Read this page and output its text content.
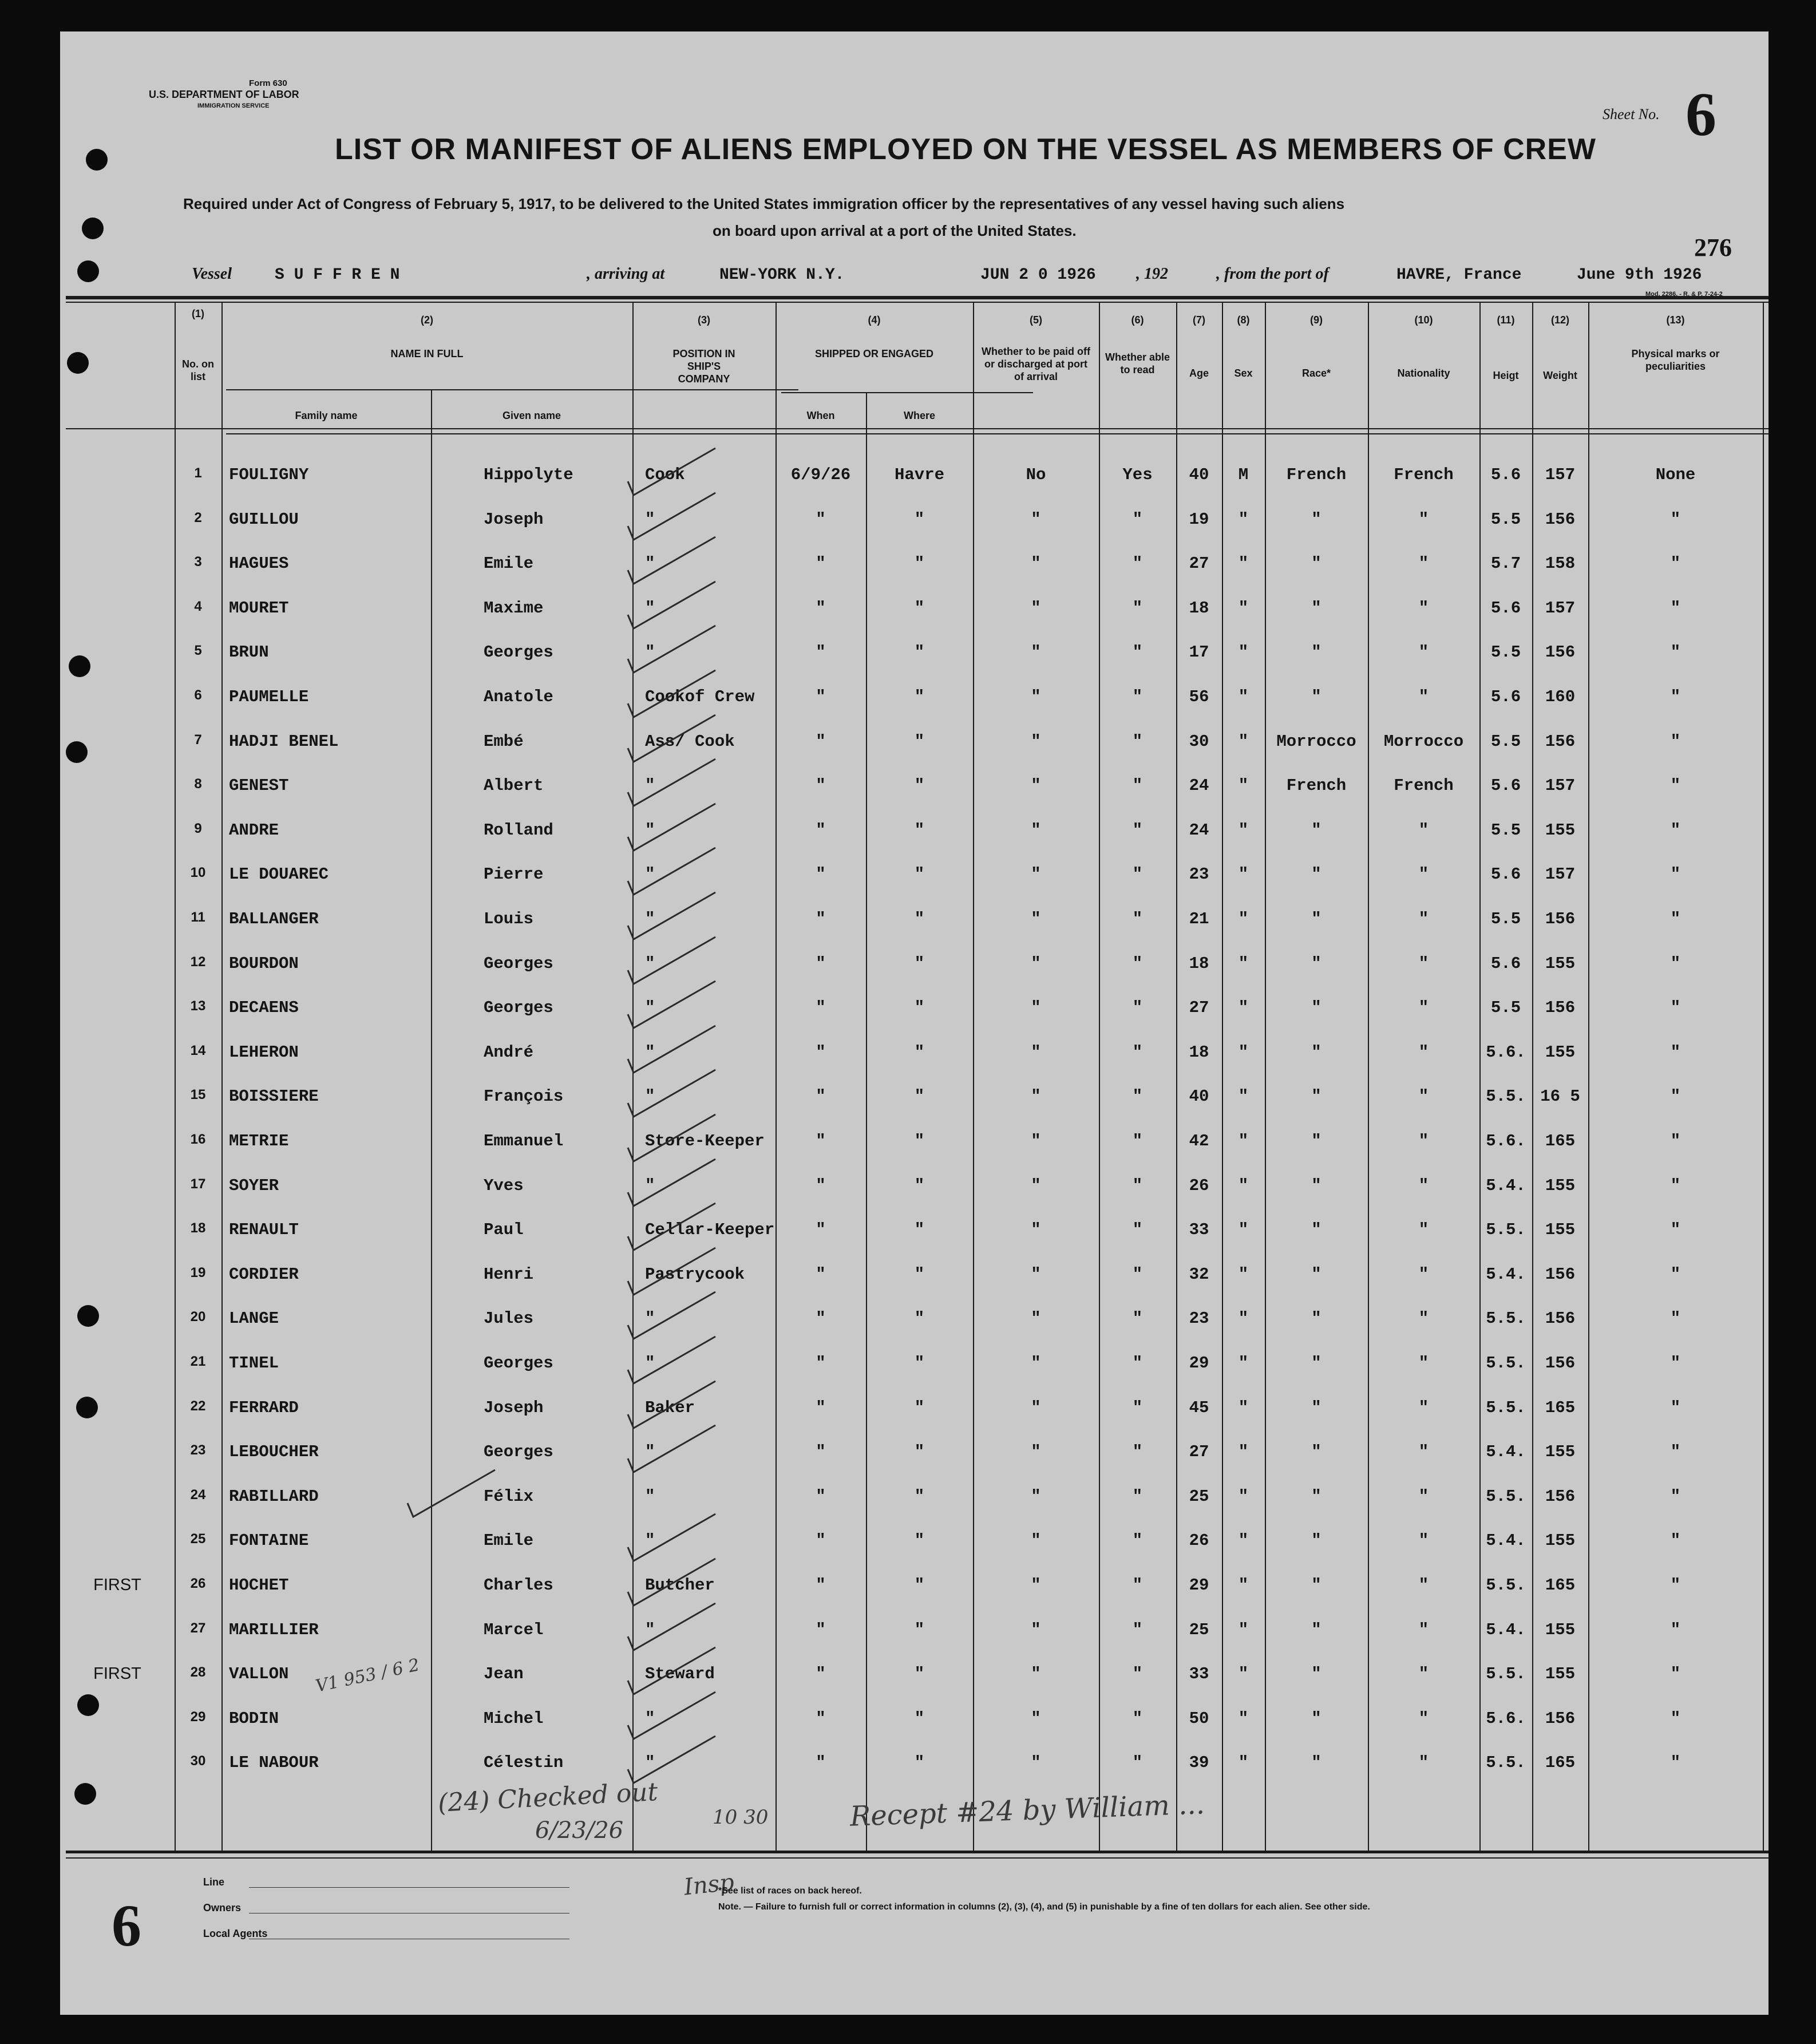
Form 630
U.S. DEPARTMENT OF LABOR
IMMIGRATION SERVICE	Sheet No. 6
LIST OR MANIFEST OF ALIENS EMPLOYED ON THE VESSEL AS MEMBERS OF CREW
Required under Act of Congress of February 5, 1917, to be delivered to the United States immigration officer by the representatives of any vessel having such aliens
on board upon arrival at a port of the United States.
276
Vessel	S U F F R E N	, arriving at	NEW-YORK N.Y.	JUN 2 0 1926	, 192	, from the port of	HAVRE, France	June 9th 1926
Mod. 2286. - R. & P. 7-24-2
(1)
No. on list
(2)
NAME IN FULL
Family name	Given name
(3)
POSITION IN SHIP'S COMPANY
(4)
SHIPPED OR ENGAGED
When	Where
(5)
Whether to be paid off or discharged at port of arrival
(6)
Whether able to read
(7)
Age
(8)
Sex
(9)
Race*
(10)
Nationality
(11)
Heigt
(12)
Weight
(13)
Physical marks or peculiarities
1	FOULIGNY	Hippolyte	Cook	6/9/26	Havre	No	Yes	40	M	French	French	5.6	157	None
2	GUILLOU	Joseph	"	"	"	"	"	19	"	"	"	5.5	156	"
3	HAGUES	Emile	"	"	"	"	"	27	"	"	"	5.7	158	"
4	MOURET	Maxime	"	"	"	"	"	18	"	"	"	5.6	157	"
5	BRUN	Georges	"	"	"	"	"	17	"	"	"	5.5	156	"
6	PAUMELLE	Anatole	Cookof Crew	"	"	"	"	56	"	"	"	5.6	160	"
7	HADJI BENEL	Embé	Ass/ Cook	"	"	"	"	30	"	Morrocco	Morrocco	5.5	156	"
8	GENEST	Albert	"	"	"	"	"	24	"	French	French	5.6	157	"
9	ANDRE	Rolland	"	"	"	"	"	24	"	"	"	5.5	155	"
10	LE DOUAREC	Pierre	"	"	"	"	"	23	"	"	"	5.6	157	"
11	BALLANGER	Louis	"	"	"	"	"	21	"	"	"	5.5	156	"
12	BOURDON	Georges	"	"	"	"	"	18	"	"	"	5.6	155	"
13	DECAENS	Georges	"	"	"	"	"	27	"	"	"	5.5	156	"
14	LEHERON	André	"	"	"	"	"	18	"	"	"	5.6.	155	"
15	BOISSIERE	François	"	"	"	"	"	40	"	"	"	5.5. 16 5	"
16	METRIE	Emmanuel	Store-Keeper	"	"	"	"	42	"	"	"	5.6.	165	"
17	SOYER	Yves	"	"	"	"	"	26	"	"	"	5.4.	155	"
18	RENAULT	Paul	Cellar-Keeper	"	"	"	"	33	"	"	"	5.5.	155	"
19	CORDIER	Henri	Pastrycook	"	"	"	"	32	"	"	"	5.4.	156	"
20	LANGE	Jules	"	"	"	"	"	23	"	"	"	5.5.	156	"
21	TINEL	Georges	"	"	"	"	"	29	"	"	"	5.5.	156	"
22	FERRARD	Joseph	Baker	"	"	"	"	45	"	"	"	5.5.	165	"
23	LEBOUCHER	Georges	"	"	"	"	"	27	"	"	"	5.4.	155	"
24	RABILLARD	Félix	"	"	"	"	"	25	"	"	"	5.5.	156	"
25	FONTAINE	Emile	"	"	"	"	"	26	"	"	"	5.4.	155	"
26	HOCHET	Charles	Butcher	"	"	"	"	29	"	"	"	5.5.	165	"
FIRST
27	MARILLIER	Marcel	"	"	"	"	"	25	"	"	"	5.4.	155	"
28	VALLON	Jean	Steward	"	"	"	"	33	"	"	"	5.5.	155	"
FIRST
29	BODIN	Michel	"	"	"	"	"	50	"	"	"	5.6.	156	"
30	LE NABOUR	Célestin	"	"	"	"	"	39	"	"	"	5.5.	165	"
(24) Checked out
6/23/26	10 30	Recept #24 by William ...
Insp
V1 953 / 6 2
Line
Owners
Local Agents
*See list of races on back hereof.
Note. — Failure to furnish full or correct information in columns (2), (3), (4), and (5) in punishable by a fine of ten dollars for each alien. See other side.
6
